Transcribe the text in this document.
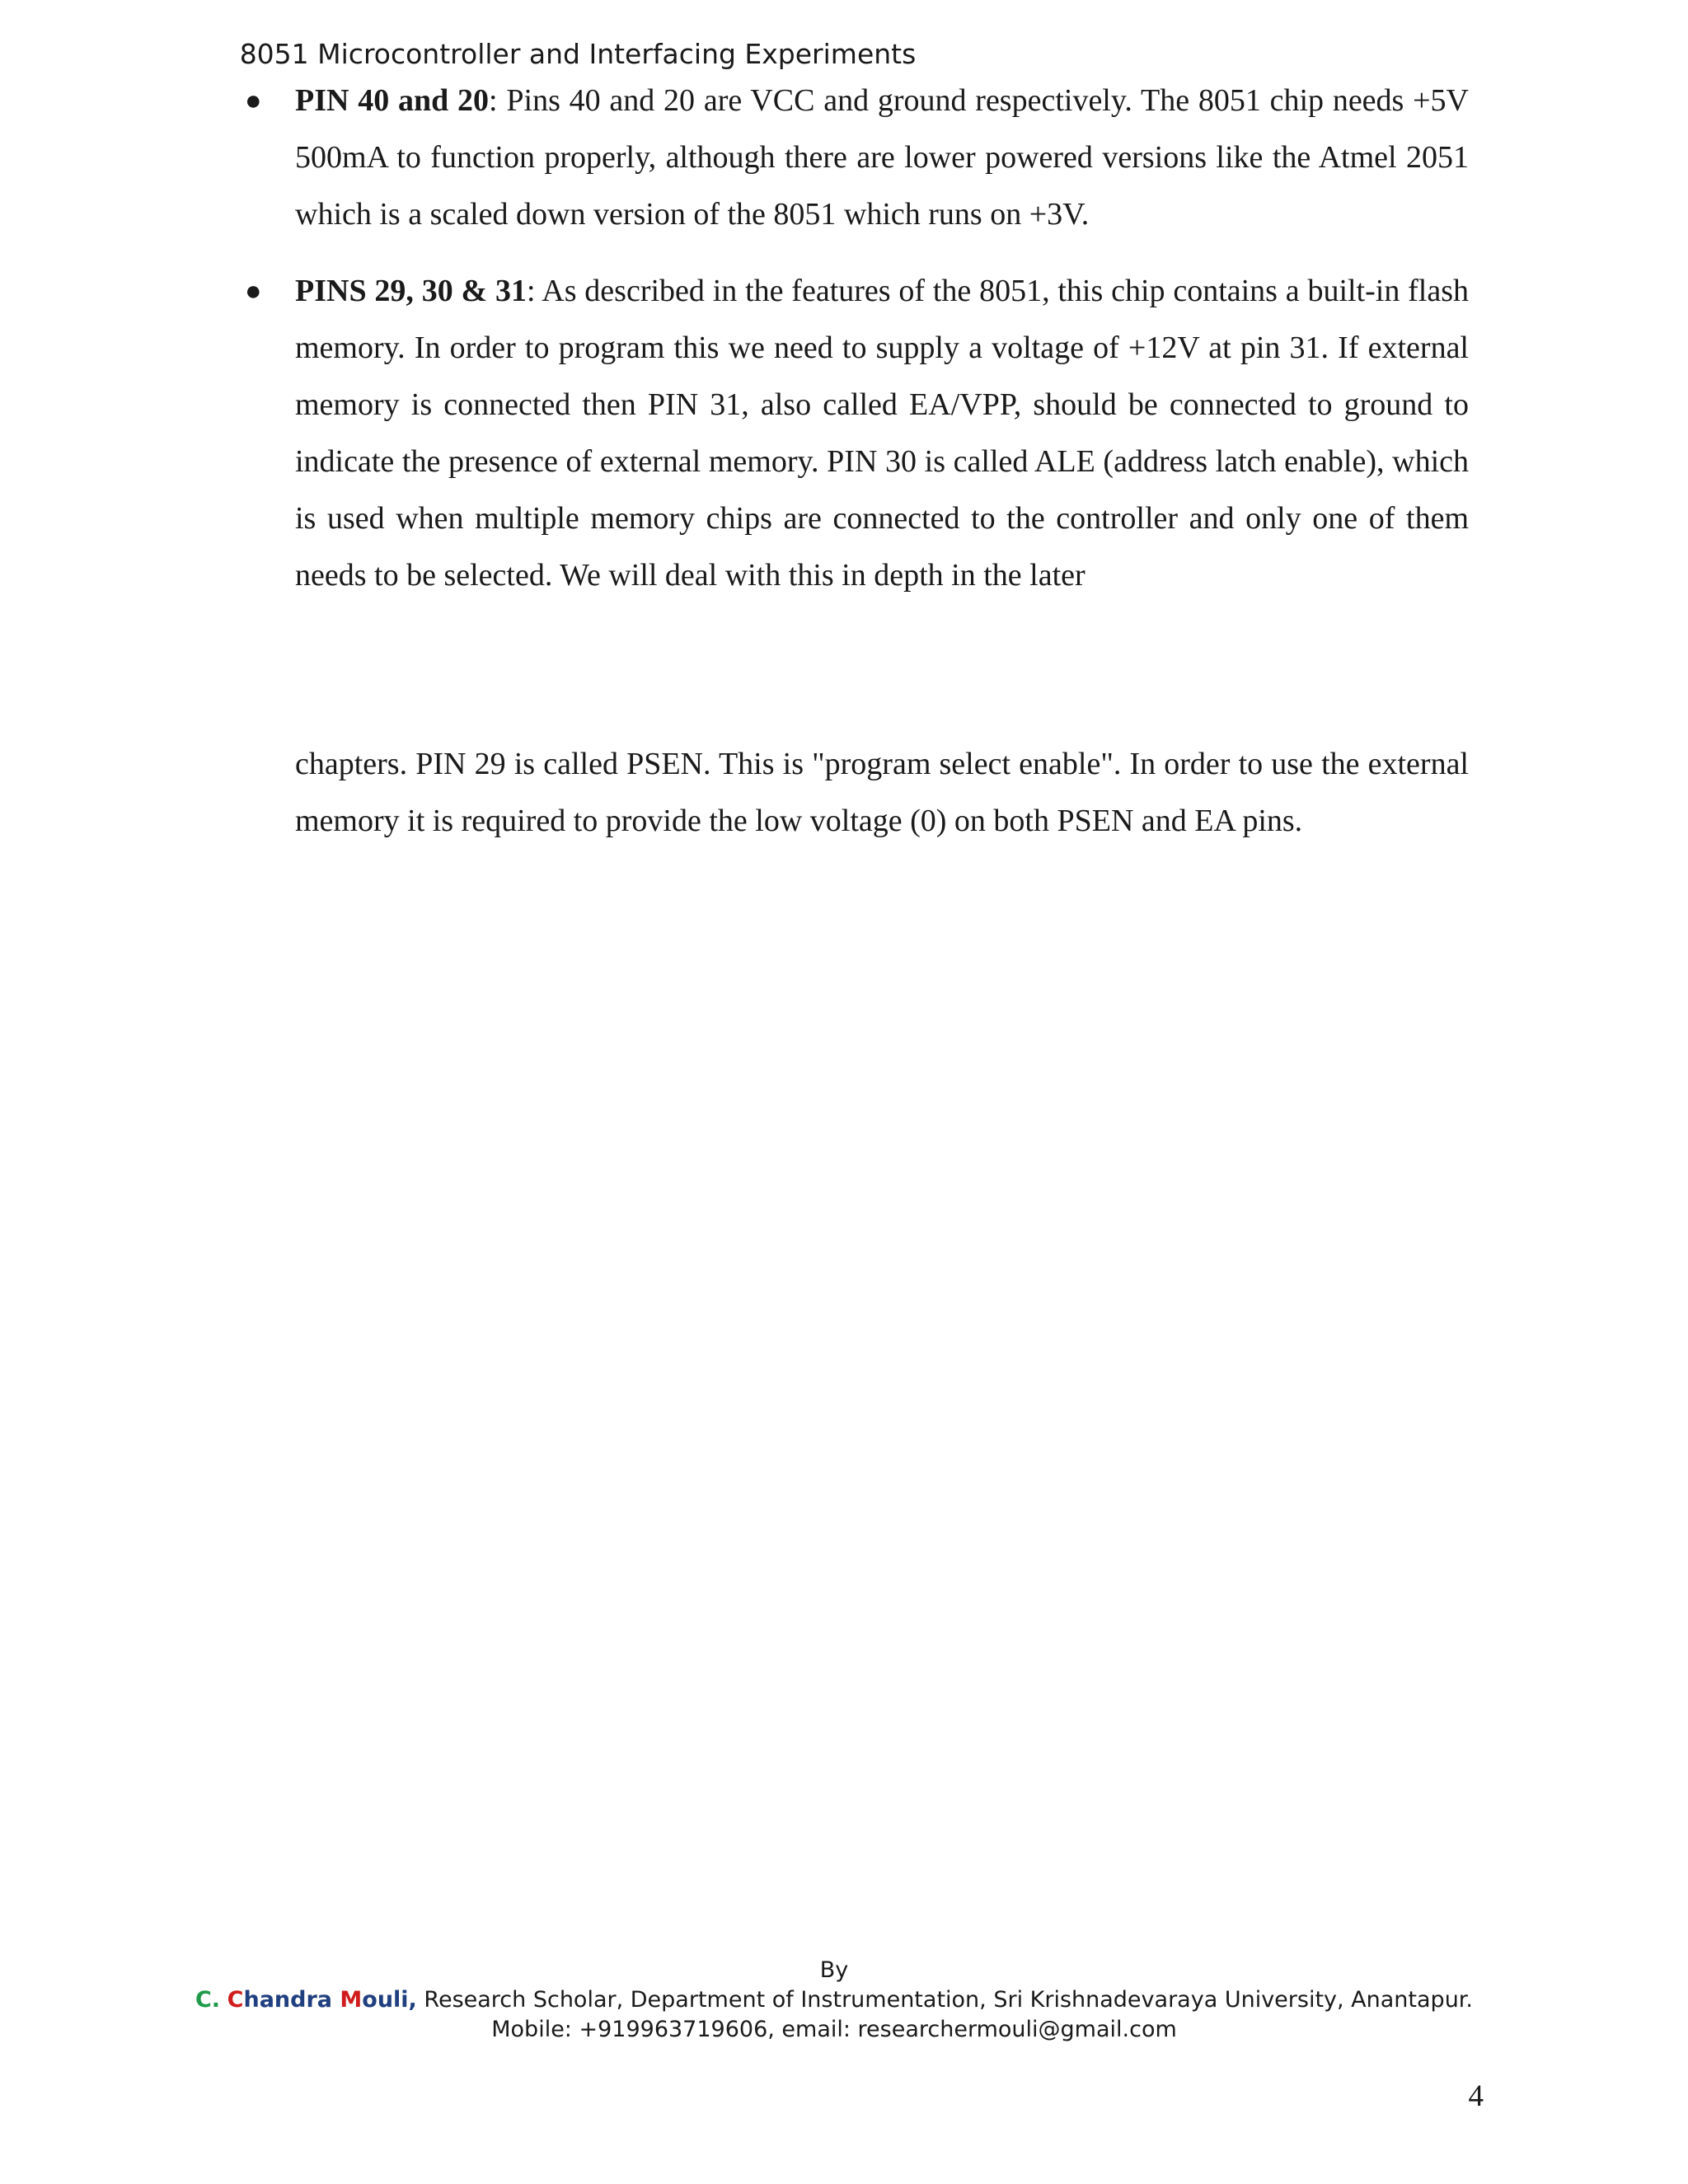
8051 Microcontroller and Interfacing Experiments
● PIN 40 and 20: Pins 40 and 20 are VCC and ground respectively. The 8051 chip needs +5V 500mA to function properly, although there are lower powered versions like the Atmel 2051 which is a scaled down version of the 8051 which runs on +3V.
● PINS 29, 30 & 31: As described in the features of the 8051, this chip contains a built-in flash memory. In order to program this we need to supply a voltage of +12V at pin 31. If external memory is connected then PIN 31, also called EA/VPP, should be connected to ground to indicate the presence of external memory. PIN 30 is called ALE (address latch enable), which is used when multiple memory chips are connected to the controller and only one of them needs to be selected. We will deal with this in depth in the later
chapters. PIN 29 is called PSEN. This is "program select enable". In order to use the external memory it is required to provide the low voltage (0) on both PSEN and EA pins.
By
C. Chandra Mouli, Research Scholar, Department of Instrumentation, Sri Krishnadevaraya University, Anantapur.
Mobile: +919963719606, email: researchermouli@gmail.com
4
